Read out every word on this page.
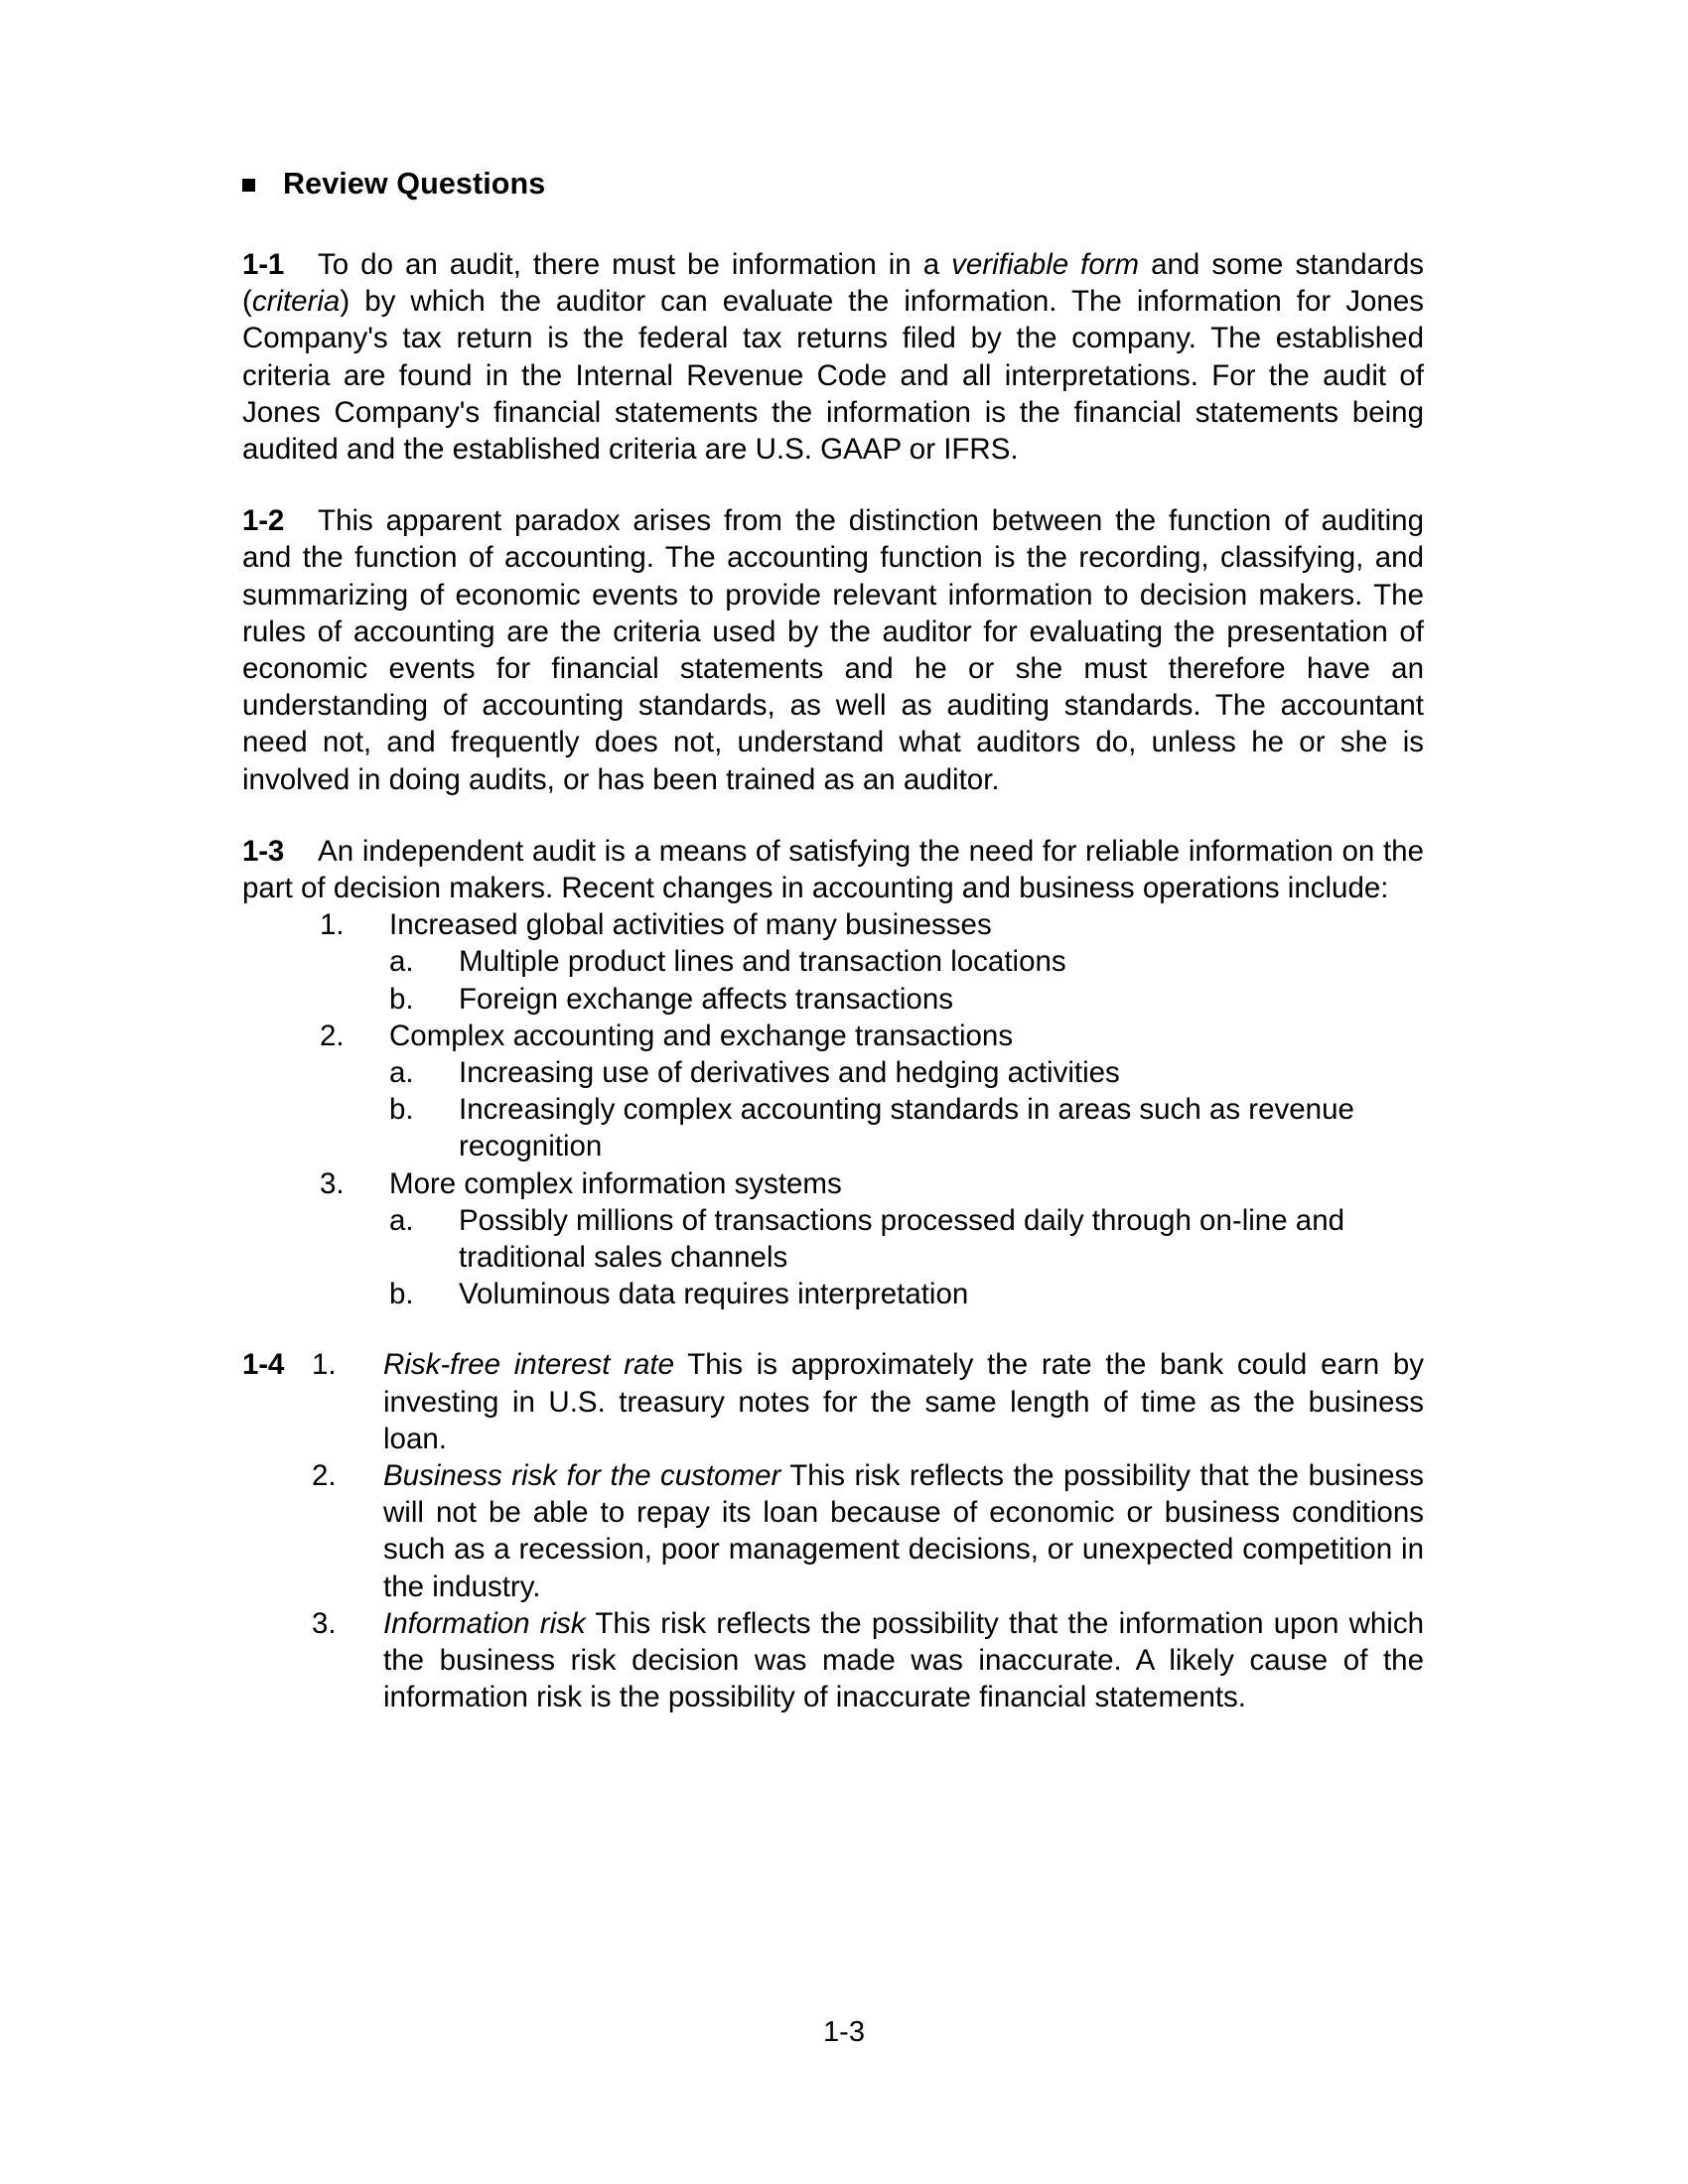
Review Questions

1-1 To do an audit, there must be information in a verifiable form and some standards (criteria) by which the auditor can evaluate the information. The information for Jones Company's tax return is the federal tax returns filed by the company. The established criteria are found in the Internal Revenue Code and all interpretations. For the audit of Jones Company's financial statements the information is the financial statements being audited and the established criteria are U.S. GAAP or IFRS.

1-2 This apparent paradox arises from the distinction between the function of auditing and the function of accounting. The accounting function is the recording, classifying, and summarizing of economic events to provide relevant information to decision makers. The rules of accounting are the criteria used by the auditor for evaluating the presentation of economic events for financial statements and he or she must therefore have an understanding of accounting standards, as well as auditing standards. The accountant need not, and frequently does not, understand what auditors do, unless he or she is involved in doing audits, or has been trained as an auditor.

1-3 An independent audit is a means of satisfying the need for reliable information on the part of decision makers. Recent changes in accounting and business operations include:

1.	Increased global activities of many businesses
a.	Multiple product lines and transaction locations
b.	Foreign exchange affects transactions
2.	Complex accounting and exchange transactions
a.	Increasing use of derivatives and hedging activities
b.	Increasingly complex accounting standards in areas such as revenue recognition
3.	More complex information systems
a.	Possibly millions of transactions processed daily through on-line and traditional sales channels
b.	Voluminous data requires interpretation
1-4 1.	Risk-free interest rate This is approximately the rate the bank could earn by investing in U.S. treasury notes for the same length of time as the business loan.
2.	Business risk for the customer This risk reflects the possibility that the business will not be able to repay its loan because of economic or business conditions such as a recession, poor management decisions, or unexpected competition in the industry.
3.	Information risk This risk reflects the possibility that the information upon which the business risk decision was made was inaccurate. A likely cause of the information risk is the possibility of inaccurate financial statements.
1-3
